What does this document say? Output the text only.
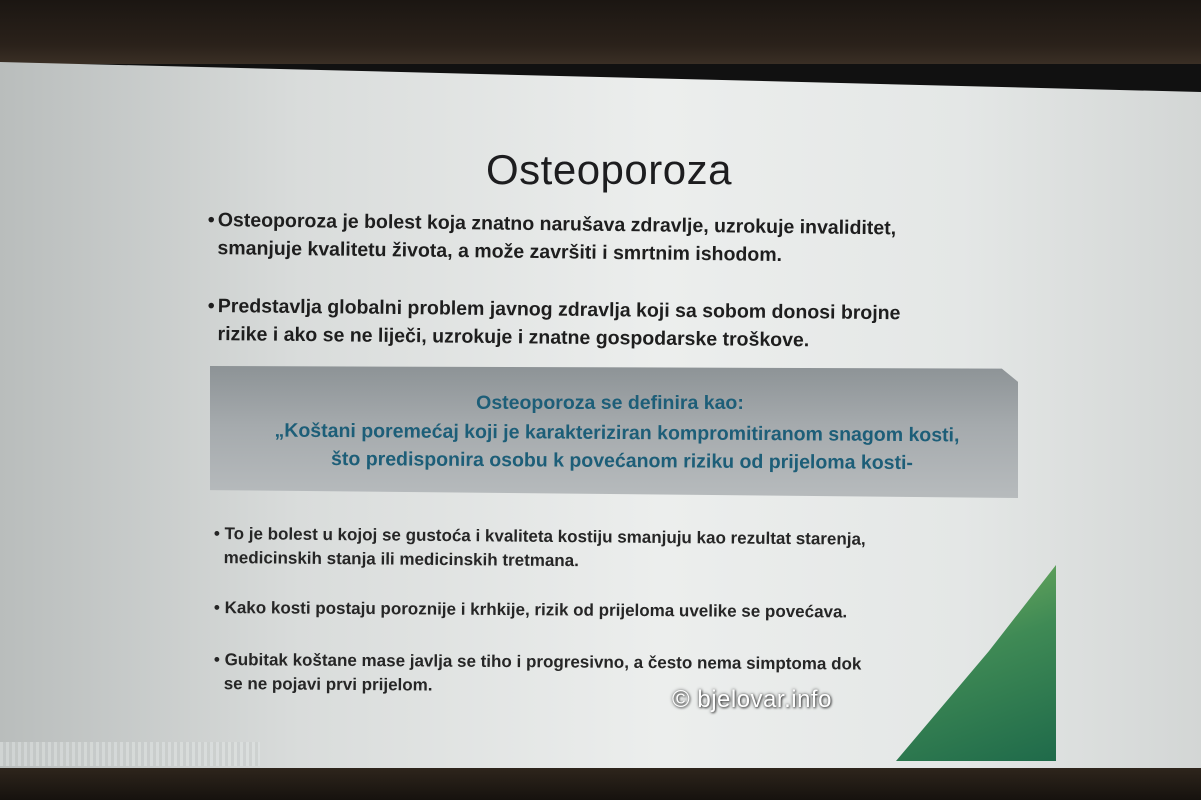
Osteoporoza
• Osteoporoza je bolest koja znatno narušava zdravlje, uzrokuje invaliditet,
smanjuje kvalitetu života, a može završiti i smrtnim ishodom.
• Predstavlja globalni problem javnog zdravlja koji sa sobom donosi brojne
rizike i ako se ne liječi, uzrokuje i znatne gospodarske troškove.
Osteoporoza se definira kao:
„Koštani poremećaj koji je karakteriziran kompromitiranom snagom kosti,
što predisponira osobu k povećanom riziku od prijeloma kosti-
• To je bolest u kojoj se gustoća i kvaliteta kostiju smanjuju kao rezultat starenja,
medicinskih stanja ili medicinskih tretmana.
• Kako kosti postaju poroznije i krhkije, rizik od prijeloma uvelike se povećava.
• Gubitak koštane mase javlja se tiho i progresivno, a često nema simptoma dok
se ne pojavi prvi prijelom.
© bjelovar.info
